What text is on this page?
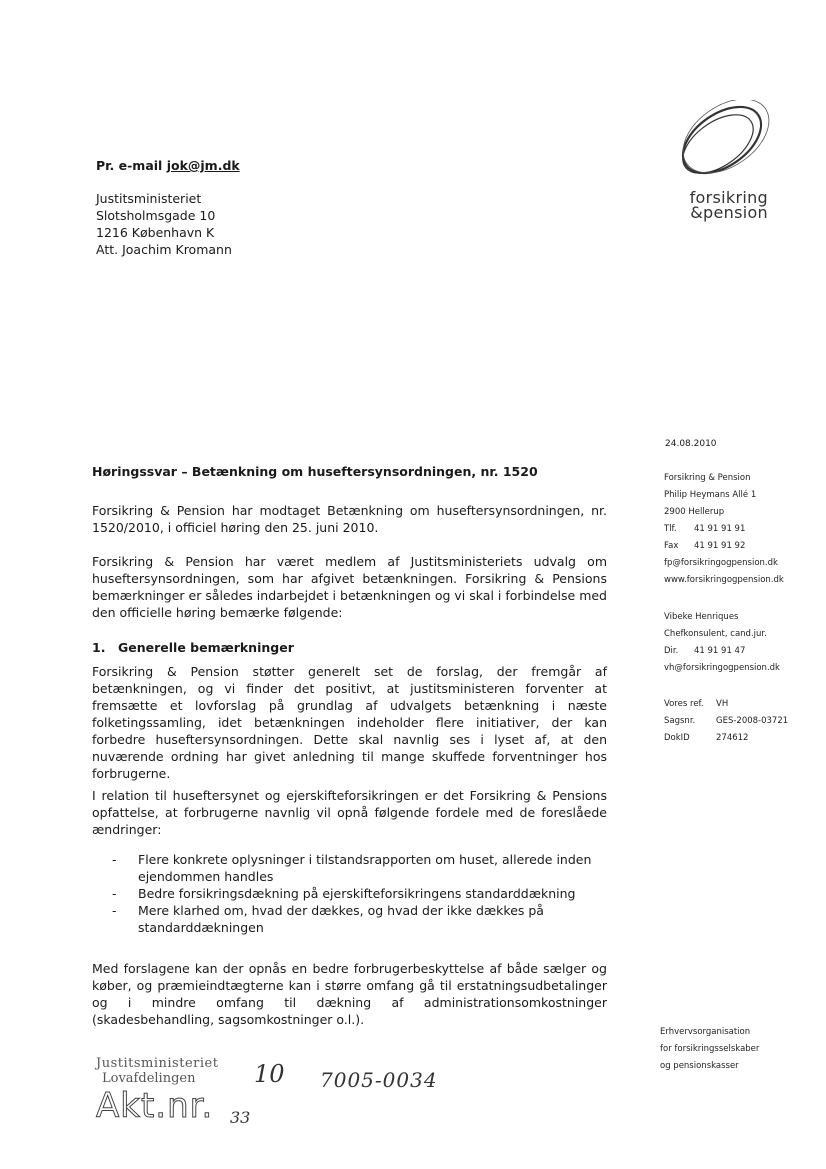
Pr. e-mail jok@jm.dk
Justitsministeriet
Slotsholmsgade 10
1216 København K
Att. Joachim Kromann
forsikring
&pension
24.08.2010
Forsikring & Pension
Philip Heymans Allé 1
2900 Hellerup
Tlf. 41 91 91 91
Fax 41 91 91 92
fp@forsikringogpension.dk
www.forsikringogpension.dk
Vibeke Henriques
Chefkonsulent, cand.jur.
Dir. 41 91 91 47
vh@forsikringogpension.dk
Vores ref. VH
Sagsnr. GES-2008-03721
DokID	274612
Høringssvar – Betænkning om huseftersynsordningen, nr. 1520
Forsikring & Pension har modtaget Betænkning om huseftersynsordningen, nr. 1520/2010, i officiel høring den 25. juni 2010.
Forsikring & Pension har været medlem af Justitsministeriets udvalg om huseftersynsordningen, som har afgivet betænkningen. Forsikring & Pensions bemærkninger er således indarbejdet i betænkningen og vi skal i forbindelse med den officielle høring bemærke følgende:
1. Generelle bemærkninger
Forsikring & Pension støtter generelt set de forslag, der fremgår af betænkningen, og vi finder det positivt, at justitsministeren forventer at fremsætte et lovforslag på grundlag af udvalgets betænkning i næste folketingssamling, idet betænkningen indeholder flere initiativer, der kan forbedre huseftersynsordningen. Dette skal navnlig ses i lyset af, at den nuværende ordning har givet anledning til mange skuffede forventninger hos forbrugerne.
I relation til huseftersynet og ejerskifteforsikringen er det Forsikring & Pensions opfattelse, at forbrugerne navnlig vil opnå følgende fordele med de foreslåede ændringer:
-	Flere konkrete oplysninger i tilstandsrapporten om huset, allerede inden ejendommen handles
-	Bedre forsikringsdækning på ejerskifteforsikringens standarddækning
-	Mere klarhed om, hvad der dækkes, og hvad der ikke dækkes på standarddækningen
Med forslagene kan der opnås en bedre forbrugerbeskyttelse af både sælger og køber, og præmieindtægterne kan i større omfang gå til erstatningsudbetalinger og i mindre omfang til dækning af administrationsomkostninger (skadesbehandling, sagsomkostninger o.l.).
Erhvervsorganisation
for forsikringsselskaber
og pensionskasser
Justitsministeriet
Lovafdelingen
Akt.nr.
10 7005-0034
33
